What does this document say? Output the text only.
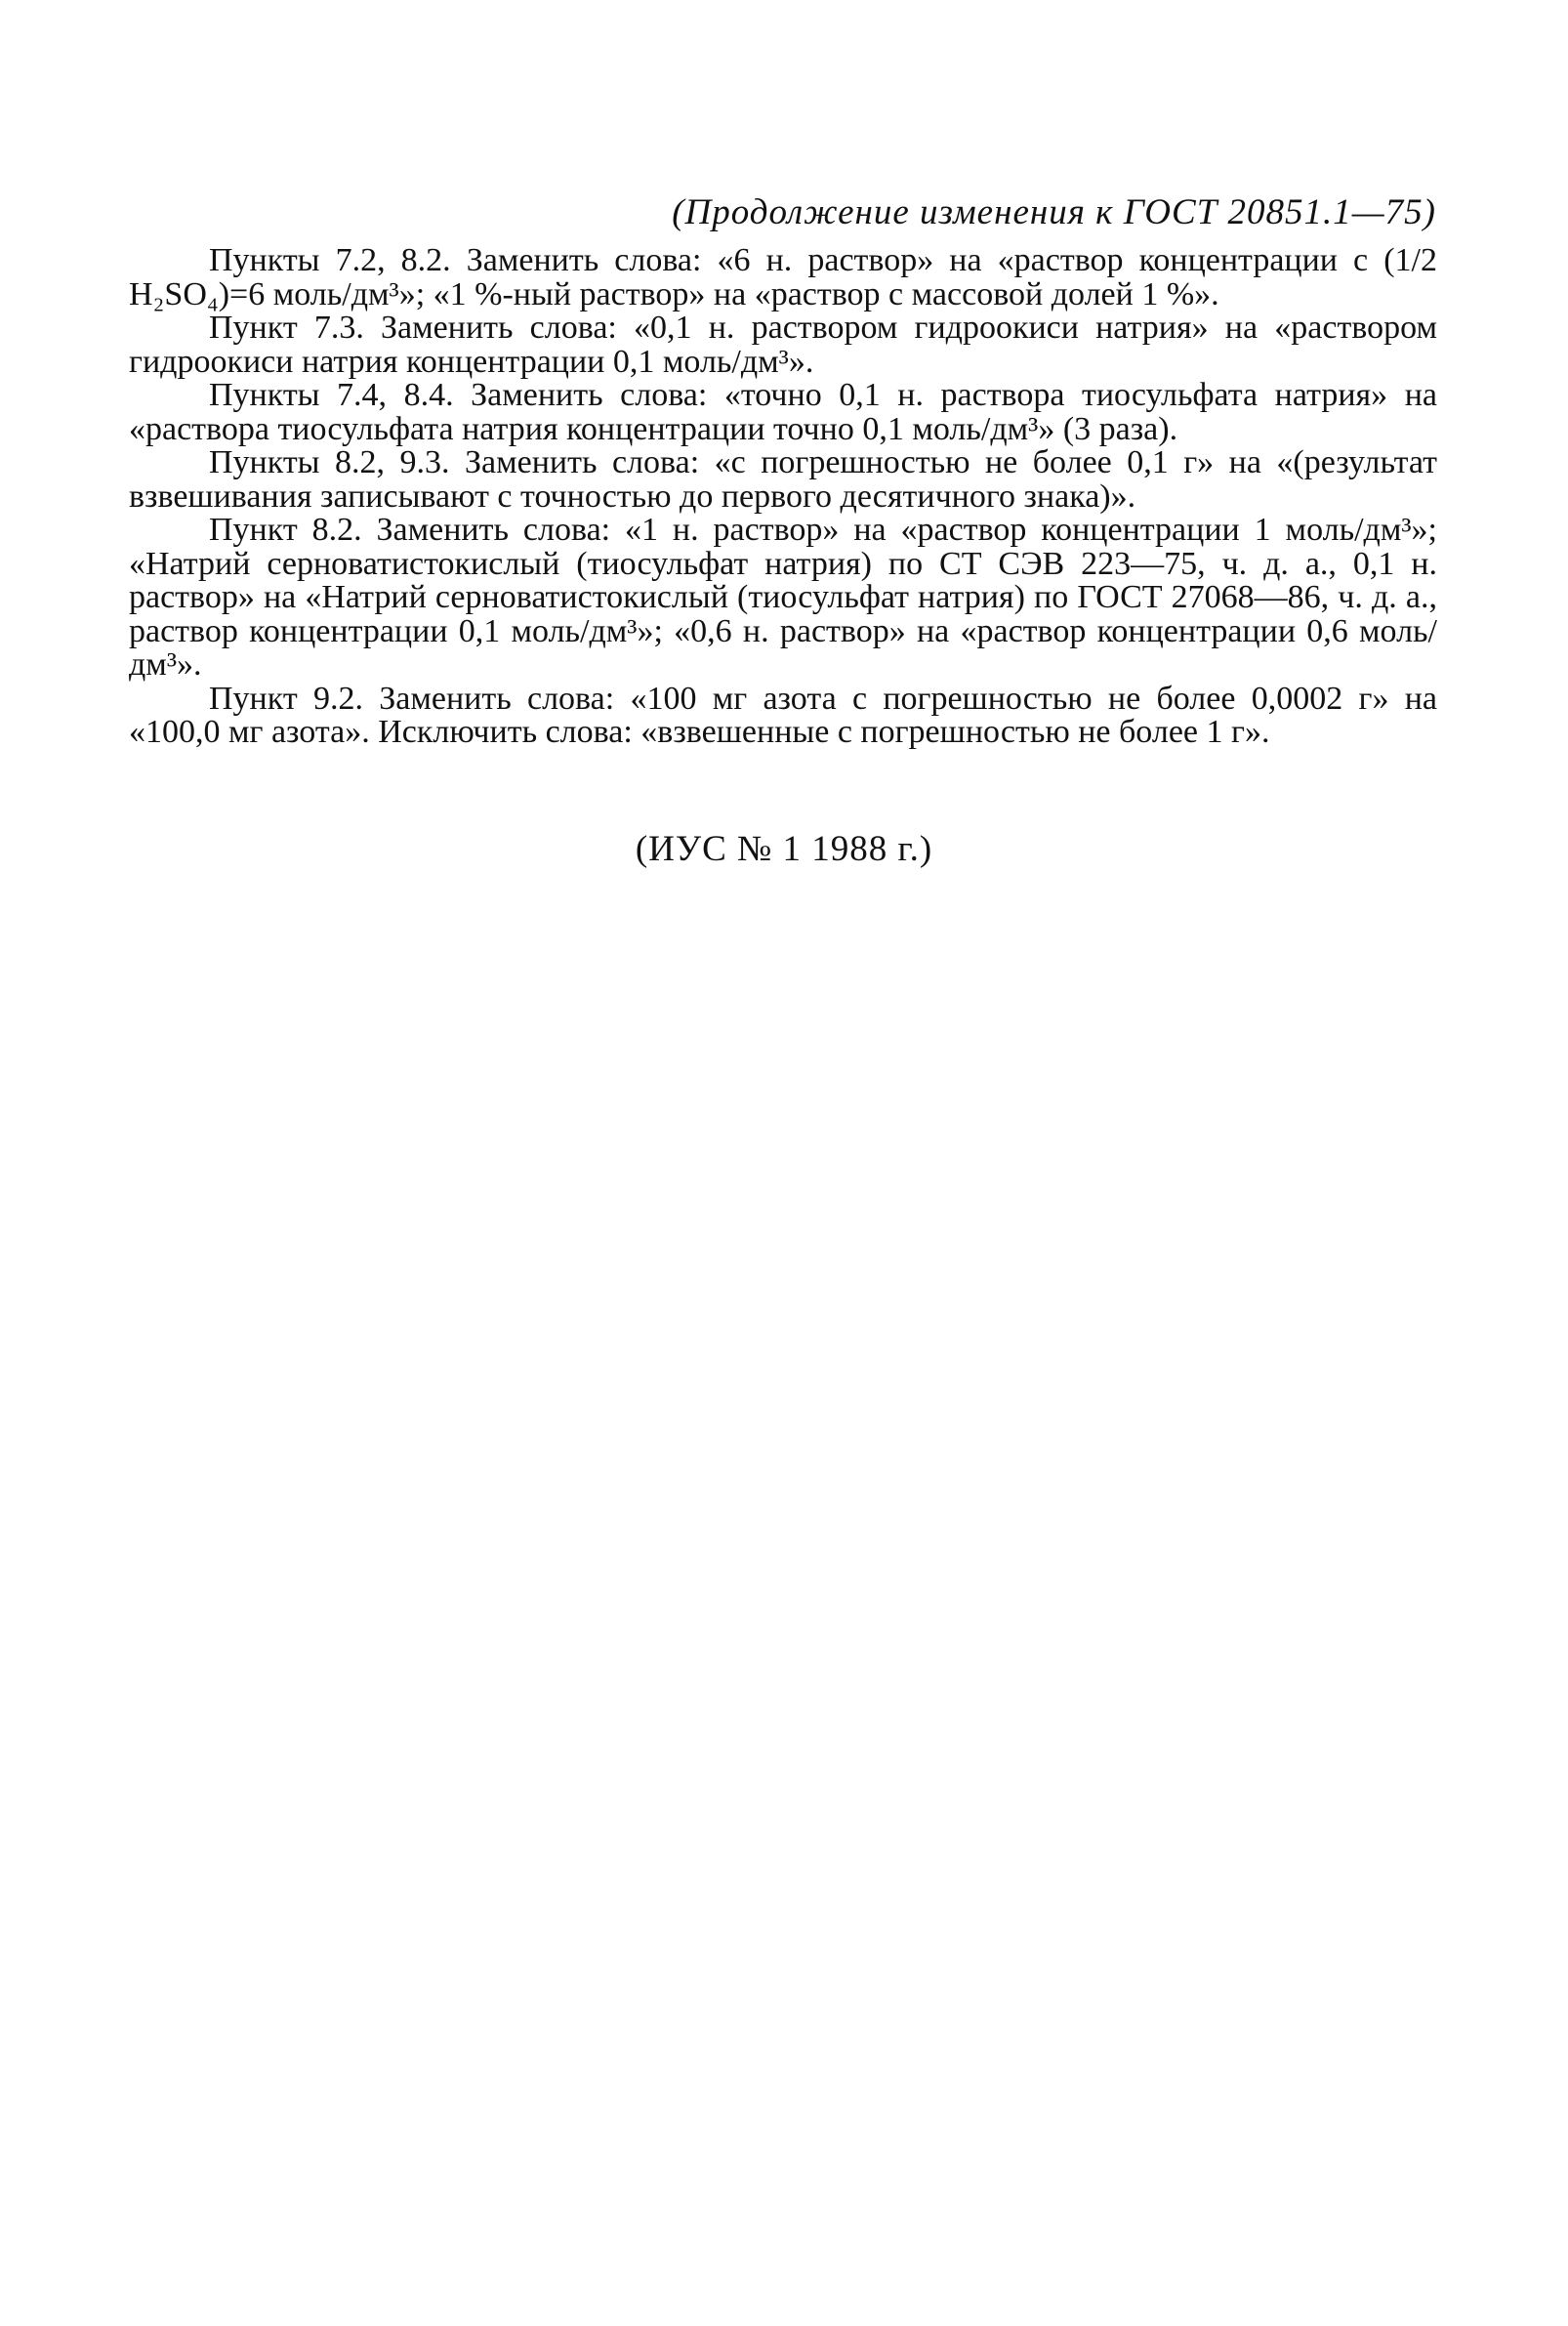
(Продолжение изменения к ГОСТ 20851.1—75)

Пункты 7.2, 8.2. Заменить слова: «6 н. раствор» на «раствор концентрации с (1/2 H₂SO₄)=6 моль/дм³»; «1 %-ный раствор» на «раствор с массовой долей 1 %».

Пункт 7.3. Заменить слова: «0,1 н. раствором гидроокиси натрия» на «раствором гидроокиси натрия концентрации 0,1 моль/дм³».

Пункты 7.4, 8.4. Заменить слова: «точно 0,1 н. раствора тиосульфата натрия» на «раствора тиосульфата натрия концентрации точно 0,1 моль/дм³» (3 раза).

Пункты 8.2, 9.3. Заменить слова: «с погрешностью не более 0,1 г» на «(результат взвешивания записывают с точностью до первого десятичного знака)».

Пункт 8.2. Заменить слова: «1 н. раствор» на «раствор концентрации 1 моль/дм³»; «Натрий серноватистокислый (тиосульфат натрия) по СТ СЭВ 223—75, ч. д. а., 0,1 н. раствор» на «Натрий серноватистокислый (тиосульфат натрия) по ГОСТ 27068—86, ч. д. а., раствор концентрации 0,1 моль/дм³»; «0,6 н. раствор» на «раствор концентрации 0,6 моль/дм³».

Пункт 9.2. Заменить слова: «100 мг азота с погрешностью не более 0,0002 г» на «100,0 мг азота». Исключить слова: «взвешенные с погрешностью не более 1 г».

(ИУС № 1 1988 г.)
